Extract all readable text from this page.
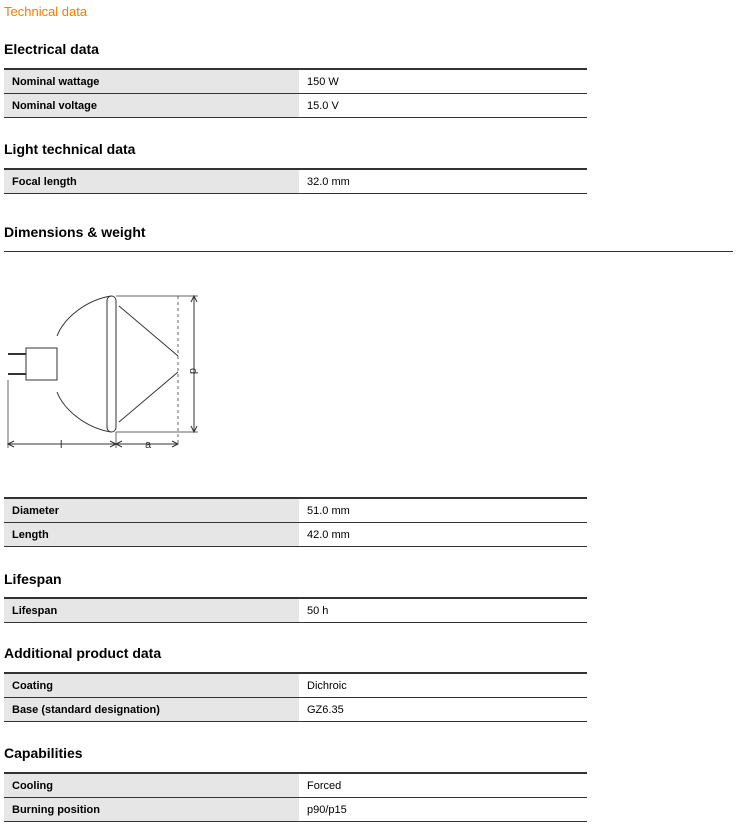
Technical data
Electrical data
Nominal wattage	150 W
Nominal voltage	15.0 V
Light technical data
Focal length	32.0 mm
Dimensions & weight
d
l	a
Diameter	51.0 mm
Length	42.0 mm
Lifespan
Lifespan	50 h
Additional product data
Coating	Dichroic
Base (standard designation)	GZ6.35
Capabilities
Cooling	Forced
Burning position	p90/p15
